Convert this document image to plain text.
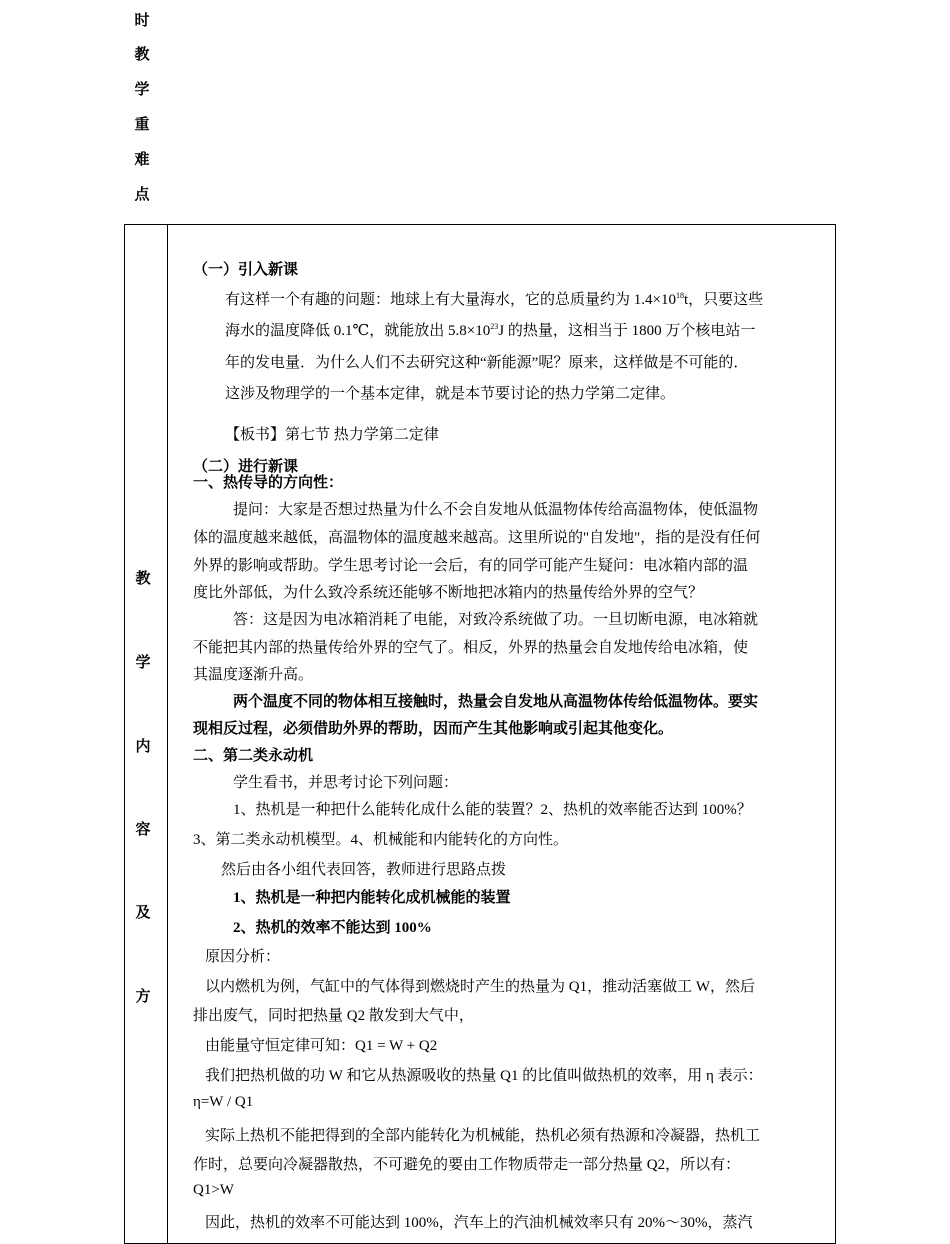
时
教
学
重
难
点
教
学
内
容
及
方
（一）引入新课
有这样一个有趣的问题：地球上有大量海水，它的总质量约为 $1.4\times 10^{18}t$，只要这些
海水的温度降低 0.1℃，就能放出 $5.8\times 10^{23}J$ 的热量，这相当于 1800 万个核电站一
年的发电量．为什么人们不去研究这种“新能源”呢？原来，这样做是不可能的．
这涉及物理学的一个基本定律，就是本节要讨论的热力学第二定律。
【板书】第七节 热力学第二定律
（二）进行新课
一、热传导的方向性：
提问：大家是否想过热量为什么不会自发地从低温物体传给高温物体，使低温物
体的温度越来越低，高温物体的温度越来越高。这里所说的"自发地"，指的是没有任何
外界的影响或帮助。学生思考讨论一会后，有的同学可能产生疑问：电冰箱内部的温
度比外部低，为什么致冷系统还能够不断地把冰箱内的热量传给外界的空气？
答：这是因为电冰箱消耗了电能，对致冷系统做了功。一旦切断电源，电冰箱就
不能把其内部的热量传给外界的空气了。相反，外界的热量会自发地传给电冰箱，使
其温度逐渐升高。
两个温度不同的物体相互接触时，热量会自发地从高温物体传给低温物体。要实
现相反过程，必须借助外界的帮助，因而产生其他影响或引起其他变化。
二、第二类永动机
学生看书，并思考讨论下列问题：
1、热机是一种把什么能转化成什么能的装置？2、热机的效率能否达到 100%？
3、第二类永动机模型。4、机械能和内能转化的方向性。
然后由各小组代表回答，教师进行思路点拨
1、热机是一种把内能转化成机械能的装置
2、热机的效率不能达到 100%
原因分析：
以内燃机为例，气缸中的气体得到燃烧时产生的热量为 Q1，推动活塞做工 W，然后
排出废气，同时把热量 Q2 散发到大气中，
由能量守恒定律可知：Q1 = W + Q2
我们把热机做的功 W 和它从热源吸收的热量 Q1 的比值叫做热机的效率，用 η 表示：
η=W / Q1
实际上热机不能把得到的全部内能转化为机械能，热机必须有热源和冷凝器，热机工
作时，总要向冷凝器散热，不可避免的要由工作物质带走一部分热量 Q2，所以有：
Q1>W
因此，热机的效率不可能达到 100%，汽车上的汽油机械效率只有 20%～30%，蒸汽
